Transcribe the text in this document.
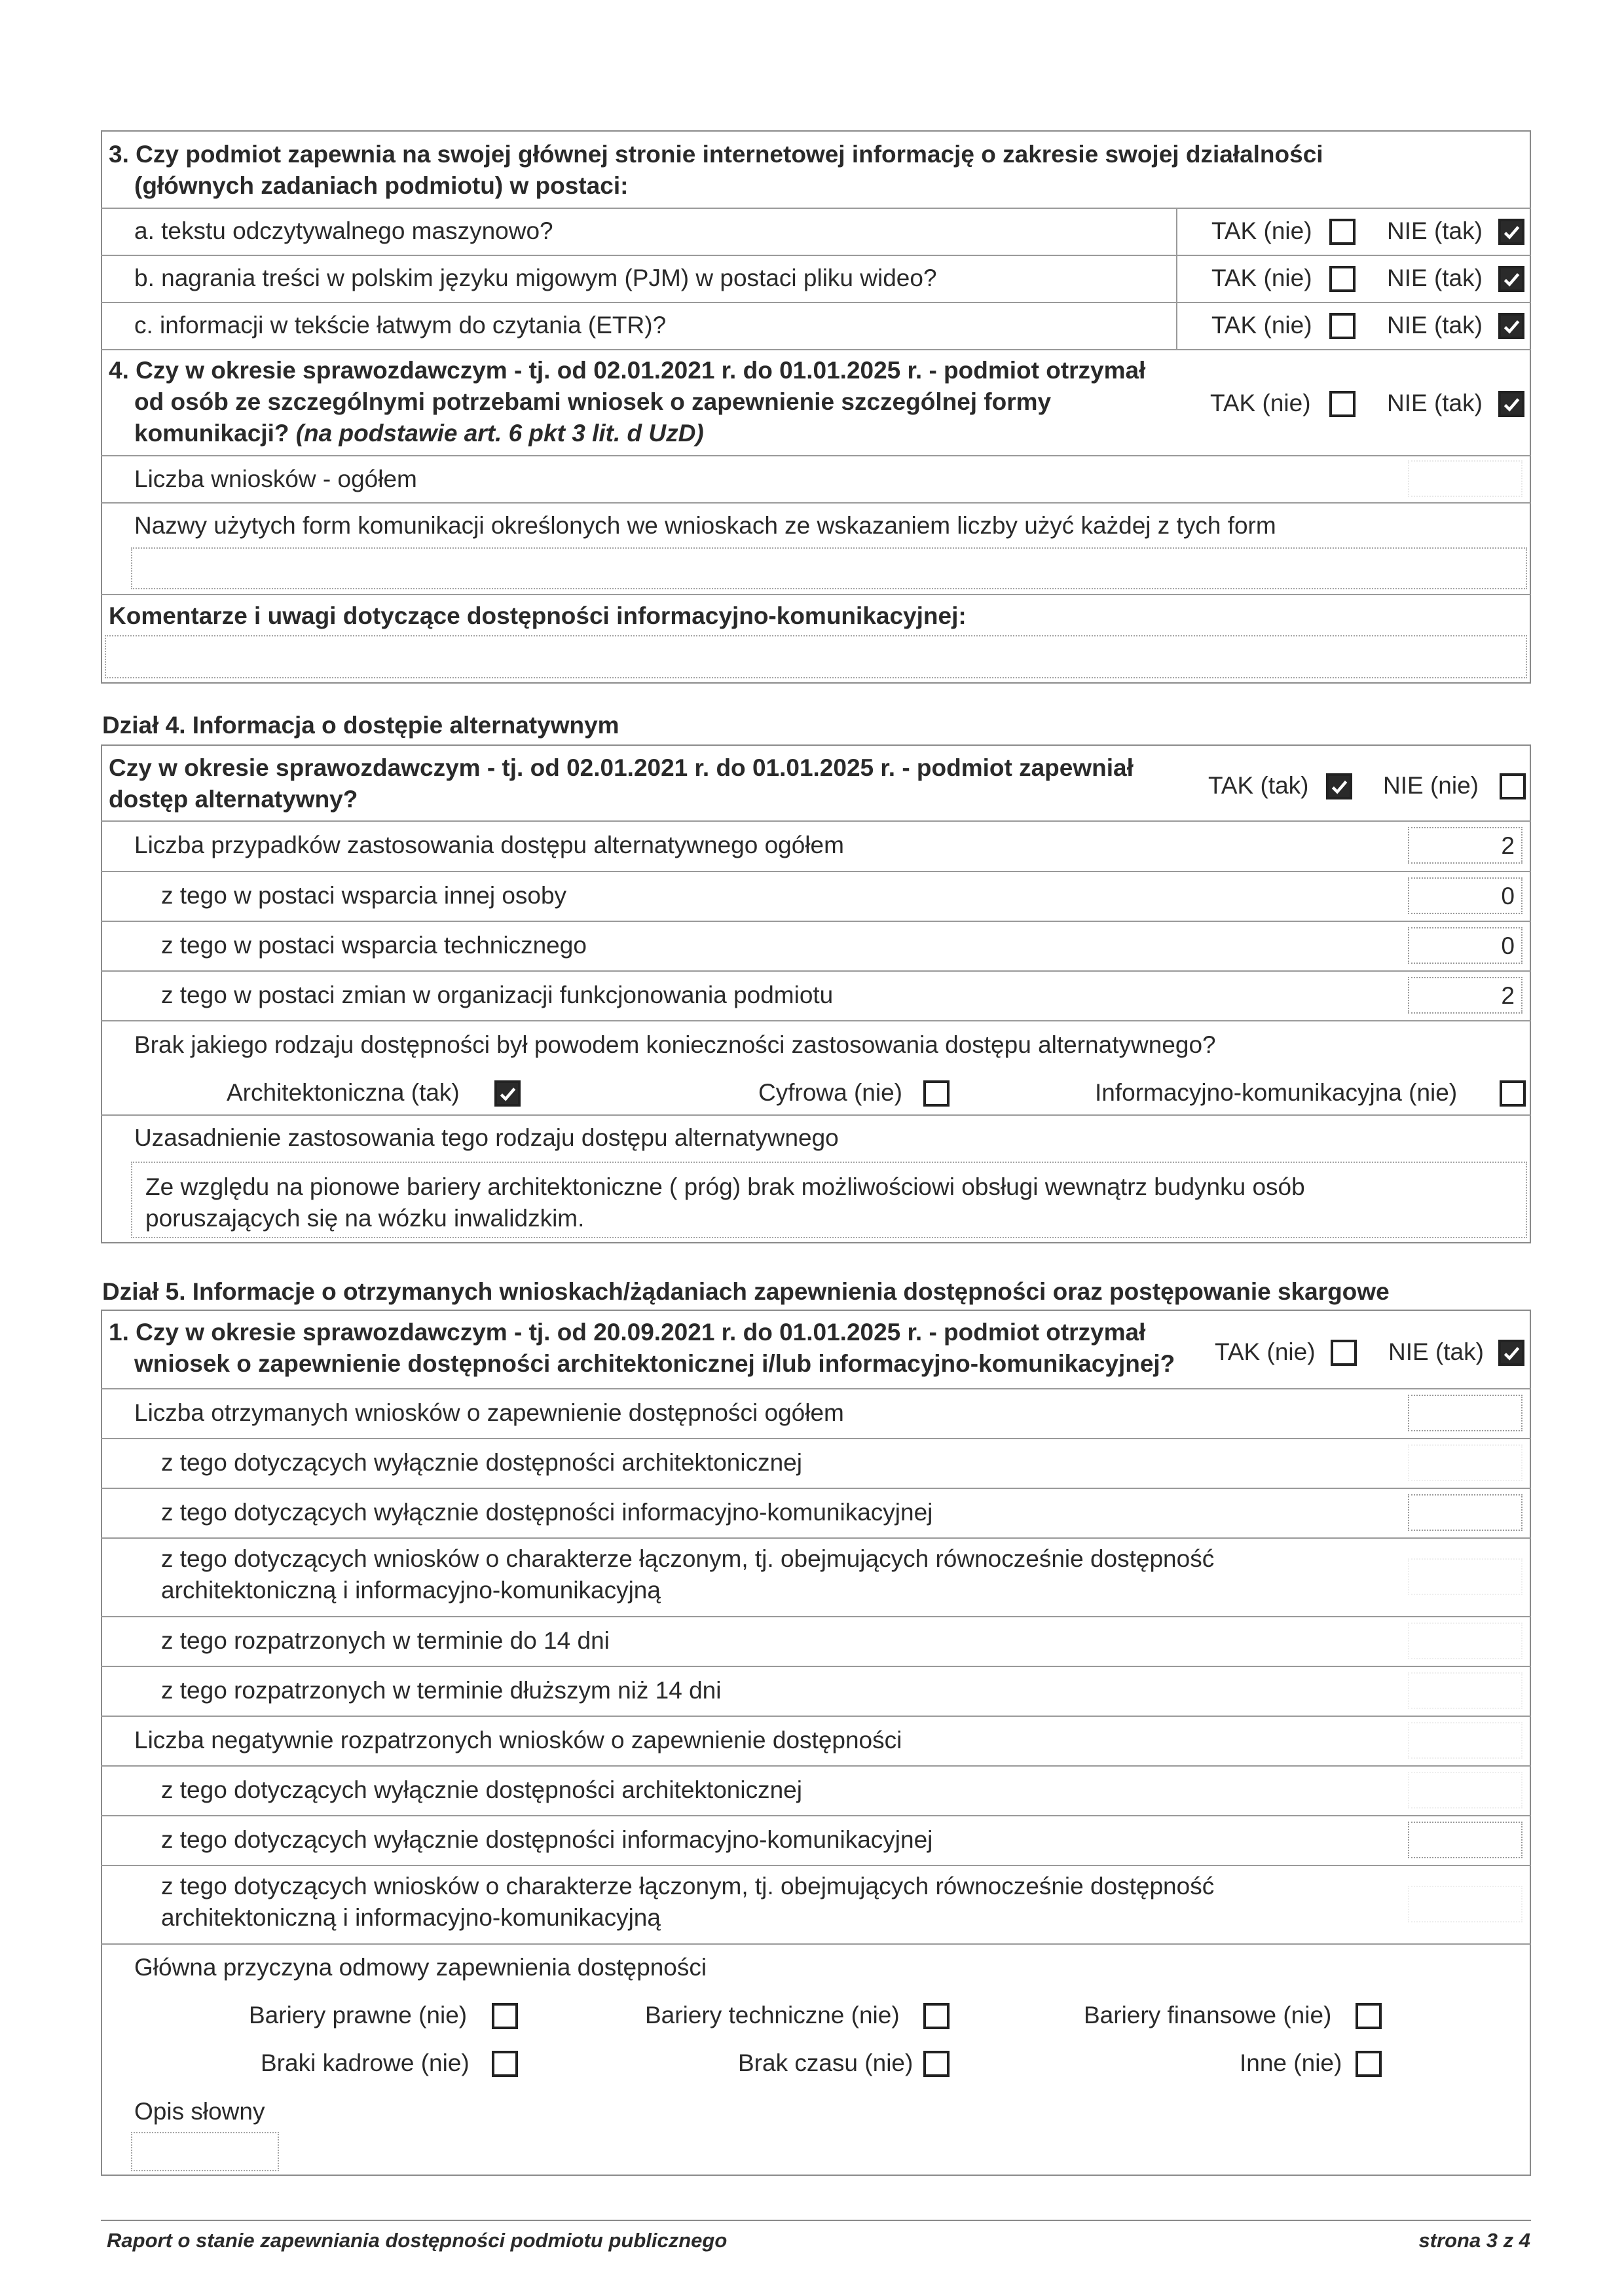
3. Czy podmiot zapewnia na swojej głównej stronie internetowej informację o zakresie swojej działalności
(głównych zadaniach podmiotu) w postaci:
a. tekstu odczytywalnego maszynowo?	TAK (nie)	NIE (tak)
b. nagrania treści w polskim języku migowym (PJM) w postaci pliku wideo?	TAK (nie)	NIE (tak)
c. informacji w tekście łatwym do czytania (ETR)?	TAK (nie)	NIE (tak)
4. Czy w okresie sprawozdawczym - tj. od 02.01.2021 r. do 01.01.2025 r. - podmiot otrzymał
od osób ze szczególnymi potrzebami wniosek o zapewnienie szczególnej formy
komunikacji? (na podstawie art. 6 pkt 3 lit. d UzD)
TAK (nie)	NIE (tak)
Liczba wniosków - ogółem
Nazwy użytych form komunikacji określonych we wnioskach ze wskazaniem liczby użyć każdej z tych form
Komentarze i uwagi dotyczące dostępności informacyjno-komunikacyjnej:
Dział 4. Informacja o dostępie alternatywnym
Czy w okresie sprawozdawczym - tj. od 02.01.2021 r. do 01.01.2025 r. - podmiot zapewniał
dostęp alternatywny?
TAK (tak)	NIE (nie)
Liczba przypadków zastosowania dostępu alternatywnego ogółem	2
z tego w postaci wsparcia innej osoby	0
z tego w postaci wsparcia technicznego	0
z tego w postaci zmian w organizacji funkcjonowania podmiotu	2
Brak jakiego rodzaju dostępności był powodem konieczności zastosowania dostępu alternatywnego?
Architektoniczna (tak)	Cyfrowa (nie)	Informacyjno-komunikacyjna (nie)
Uzasadnienie zastosowania tego rodzaju dostępu alternatywnego
Ze względu na pionowe bariery architektoniczne ( próg) brak możliwościowi obsługi wewnątrz budynku osób
poruszających się na wózku inwalidzkim.
Dział 5. Informacje o otrzymanych wnioskach/żądaniach zapewnienia dostępności oraz postępowanie skargowe
1. Czy w okresie sprawozdawczym - tj. od 20.09.2021 r. do 01.01.2025 r. - podmiot otrzymał
wniosek o zapewnienie dostępności architektonicznej i/lub informacyjno-komunikacyjnej? TAK (nie)	NIE (tak)
Liczba otrzymanych wniosków o zapewnienie dostępności ogółem
z tego dotyczących wyłącznie dostępności architektonicznej
z tego dotyczących wyłącznie dostępności informacyjno-komunikacyjnej
z tego dotyczących wniosków o charakterze łączonym, tj. obejmujących równocześnie dostępność
architektoniczną i informacyjno-komunikacyjną
z tego rozpatrzonych w terminie do 14 dni
z tego rozpatrzonych w terminie dłuższym niż 14 dni
Liczba negatywnie rozpatrzonych wniosków o zapewnienie dostępności
z tego dotyczących wyłącznie dostępności architektonicznej
z tego dotyczących wyłącznie dostępności informacyjno-komunikacyjnej
z tego dotyczących wniosków o charakterze łączonym, tj. obejmujących równocześnie dostępność
architektoniczną i informacyjno-komunikacyjną
Główna przyczyna odmowy zapewnienia dostępności
Bariery prawne (nie)	Bariery techniczne (nie)	Bariery finansowe (nie)
Braki kadrowe (nie)	Brak czasu (nie)	Inne (nie)
Opis słowny
Raport o stanie zapewniania dostępności podmiotu publicznego	strona 3 z 4
